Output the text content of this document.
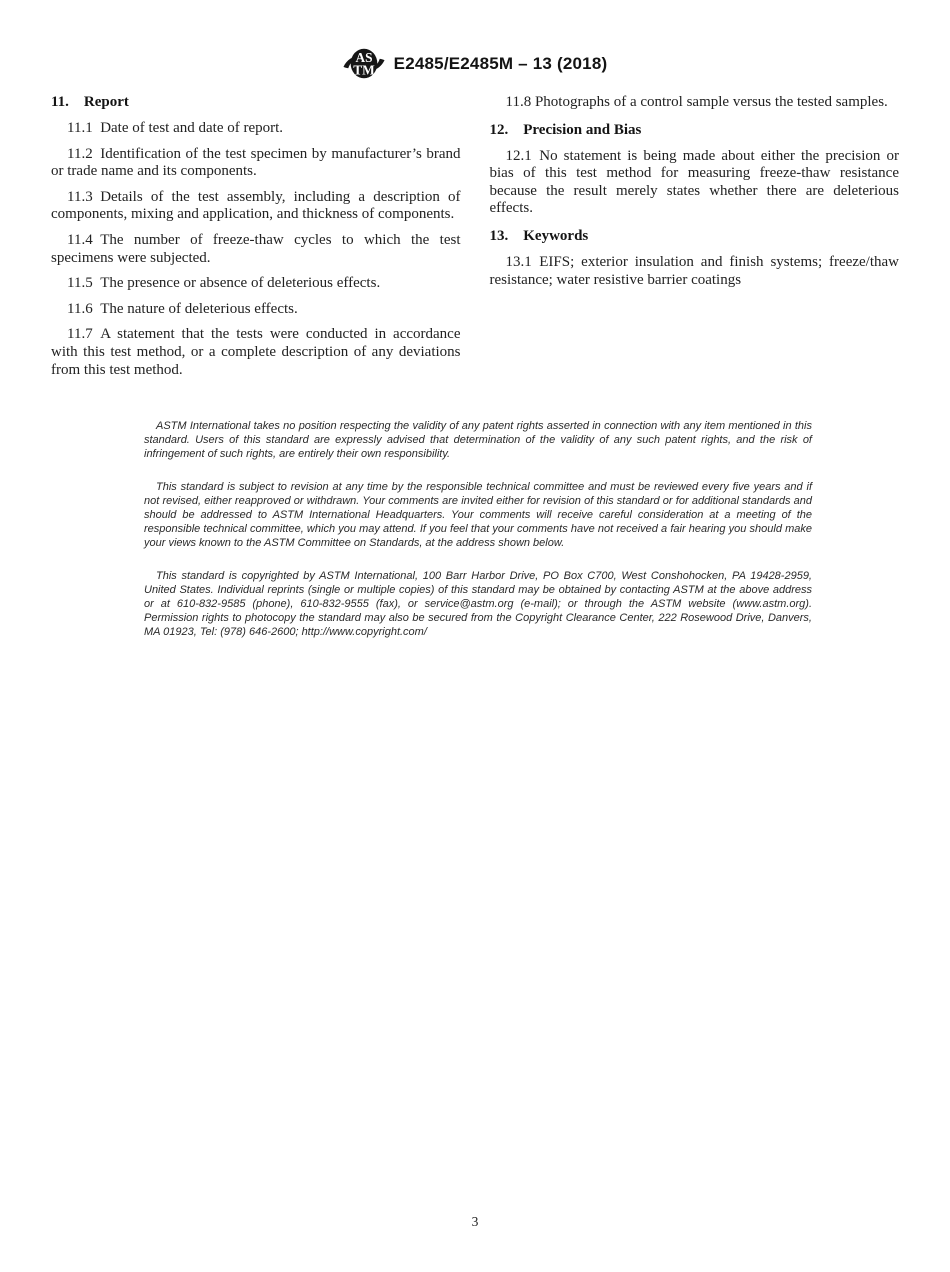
AS
TM E2485/E2485M – 13 (2018)
11. Report

11.1 Date of test and date of report.

11.2 Identification of the test specimen by manufacturer’s brand or trade name and its components.

11.3 Details of the test assembly, including a description of components, mixing and application, and thickness of components.

11.4 The number of freeze-thaw cycles to which the test specimens were subjected.

11.5 The presence or absence of deleterious effects.

11.6 The nature of deleterious effects.

11.7 A statement that the tests were conducted in accordance with this test method, or a complete description of any deviations from this test method.

11.8 Photographs of a control sample versus the tested samples.

12. Precision and Bias

12.1 No statement is being made about either the precision or bias of this test method for measuring freeze-thaw resistance because the result merely states whether there are deleterious effects.

13. Keywords

13.1 EIFS; exterior insulation and finish systems; freeze/thaw resistance; water resistive barrier coatings

ASTM International takes no position respecting the validity of any patent rights asserted in connection with any item mentioned in this standard. Users of this standard are expressly advised that determination of the validity of any such patent rights, and the risk of infringement of such rights, are entirely their own responsibility.

This standard is subject to revision at any time by the responsible technical committee and must be reviewed every five years and if not revised, either reapproved or withdrawn. Your comments are invited either for revision of this standard or for additional standards and should be addressed to ASTM International Headquarters. Your comments will receive careful consideration at a meeting of the responsible technical committee, which you may attend. If you feel that your comments have not received a fair hearing you should make your views known to the ASTM Committee on Standards, at the address shown below.

This standard is copyrighted by ASTM International, 100 Barr Harbor Drive, PO Box C700, West Conshohocken, PA 19428-2959, United States. Individual reprints (single or multiple copies) of this standard may be obtained by contacting ASTM at the above address or at 610-832-9585 (phone), 610-832-9555 (fax), or service@astm.org (e-mail); or through the ASTM website (www.astm.org). Permission rights to photocopy the standard may also be secured from the Copyright Clearance Center, 222 Rosewood Drive, Danvers, MA 01923, Tel: (978) 646-2600; http://www.copyright.com/

3
